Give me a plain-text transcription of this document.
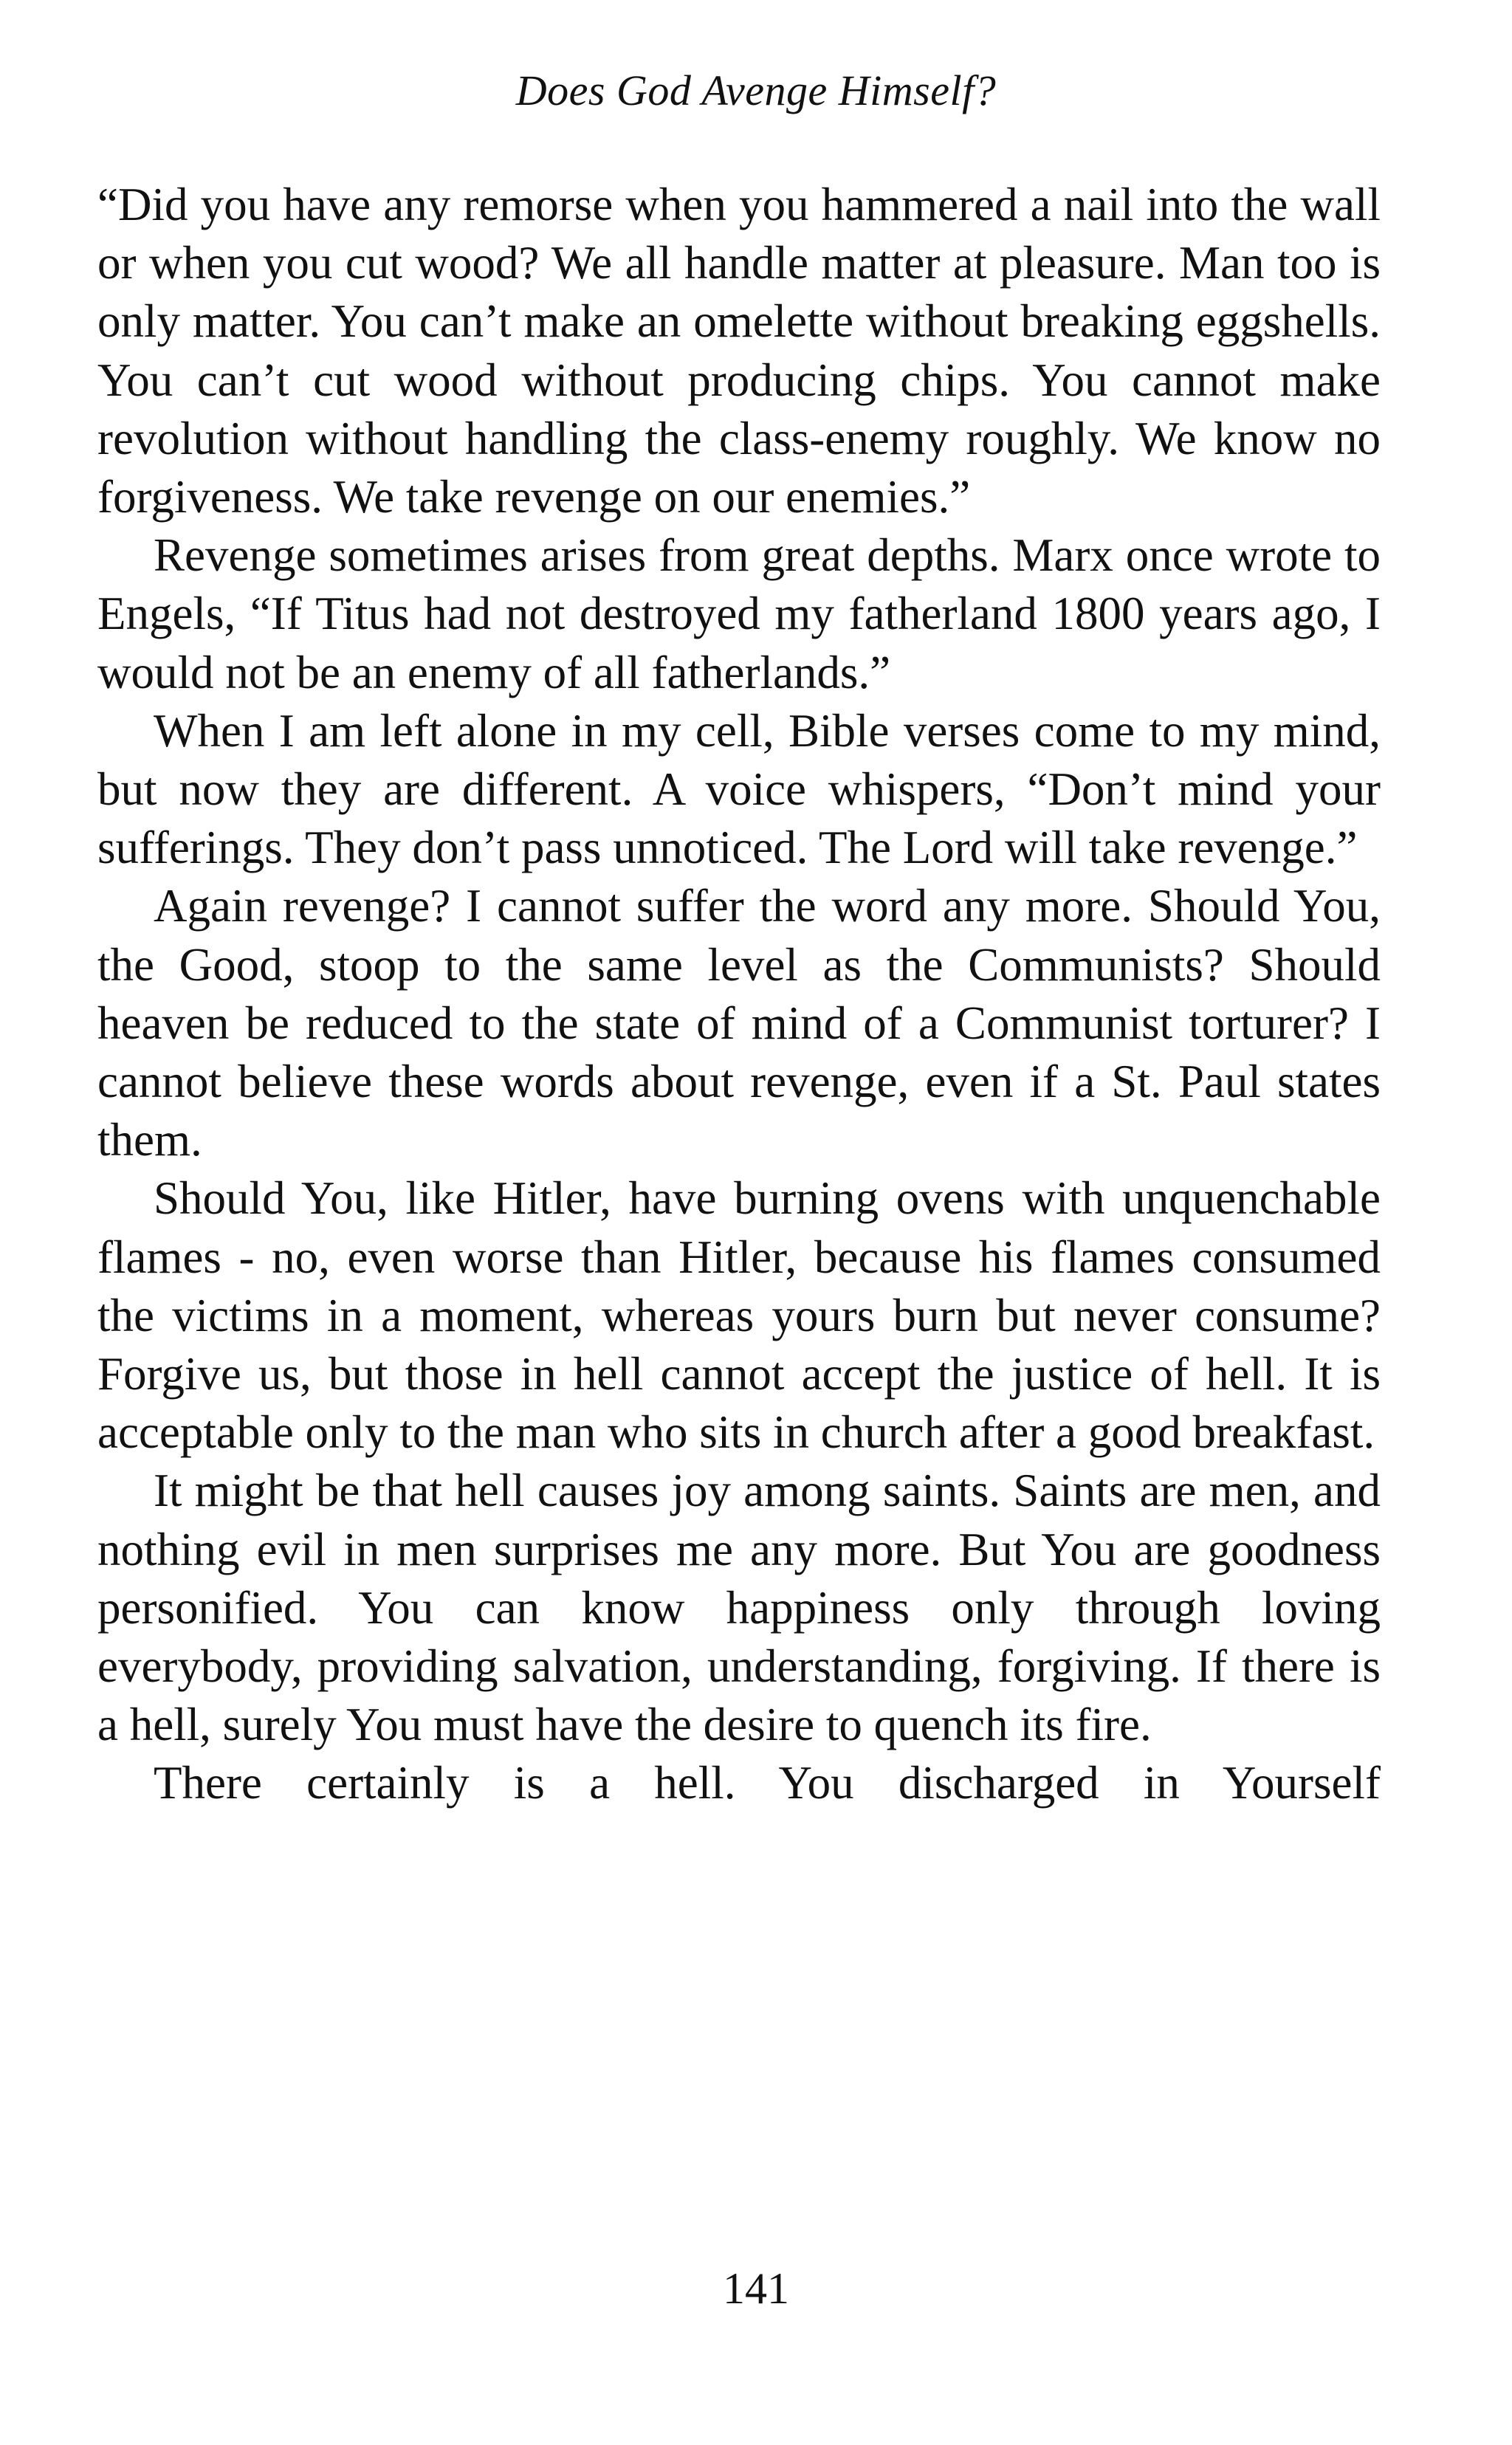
Does God Avenge Himself?

“Did you have any remorse when you hammered a nail into the wall or when you cut wood? We all handle matter at pleasure. Man too is only matter. You can’t make an omelette without breaking eggshells. You can’t cut wood without producing chips. You cannot make revolution without handling the class-enemy roughly. We know no forgiveness. We take revenge on our enemies.”

Revenge sometimes arises from great depths. Marx once wrote to Engels, “If Titus had not destroyed my fatherland 1800 years ago, I would not be an enemy of all fatherlands.”

When I am left alone in my cell, Bible verses come to my mind, but now they are different. A voice whispers, “Don’t mind your sufferings. They don’t pass unnoticed. The Lord will take revenge.”

Again revenge? I cannot suffer the word any more. Should You, the Good, stoop to the same level as the Communists? Should heaven be reduced to the state of mind of a Communist torturer? I cannot believe these words about revenge, even if a St. Paul states them.

Should You, like Hitler, have burning ovens with unquenchable flames - no, even worse than Hitler, because his flames consumed the victims in a moment, whereas yours burn but never consume? Forgive us, but those in hell cannot accept the justice of hell. It is acceptable only to the man who sits in church after a good breakfast.

It might be that hell causes joy among saints. Saints are men, and nothing evil in men surprises me any more. But You are goodness personified. You can know happiness only through loving everybody, providing salvation, understanding, forgiving. If there is a hell, surely You must have the desire to quench its fire.

There certainly is a hell. You discharged in Yourself

141
